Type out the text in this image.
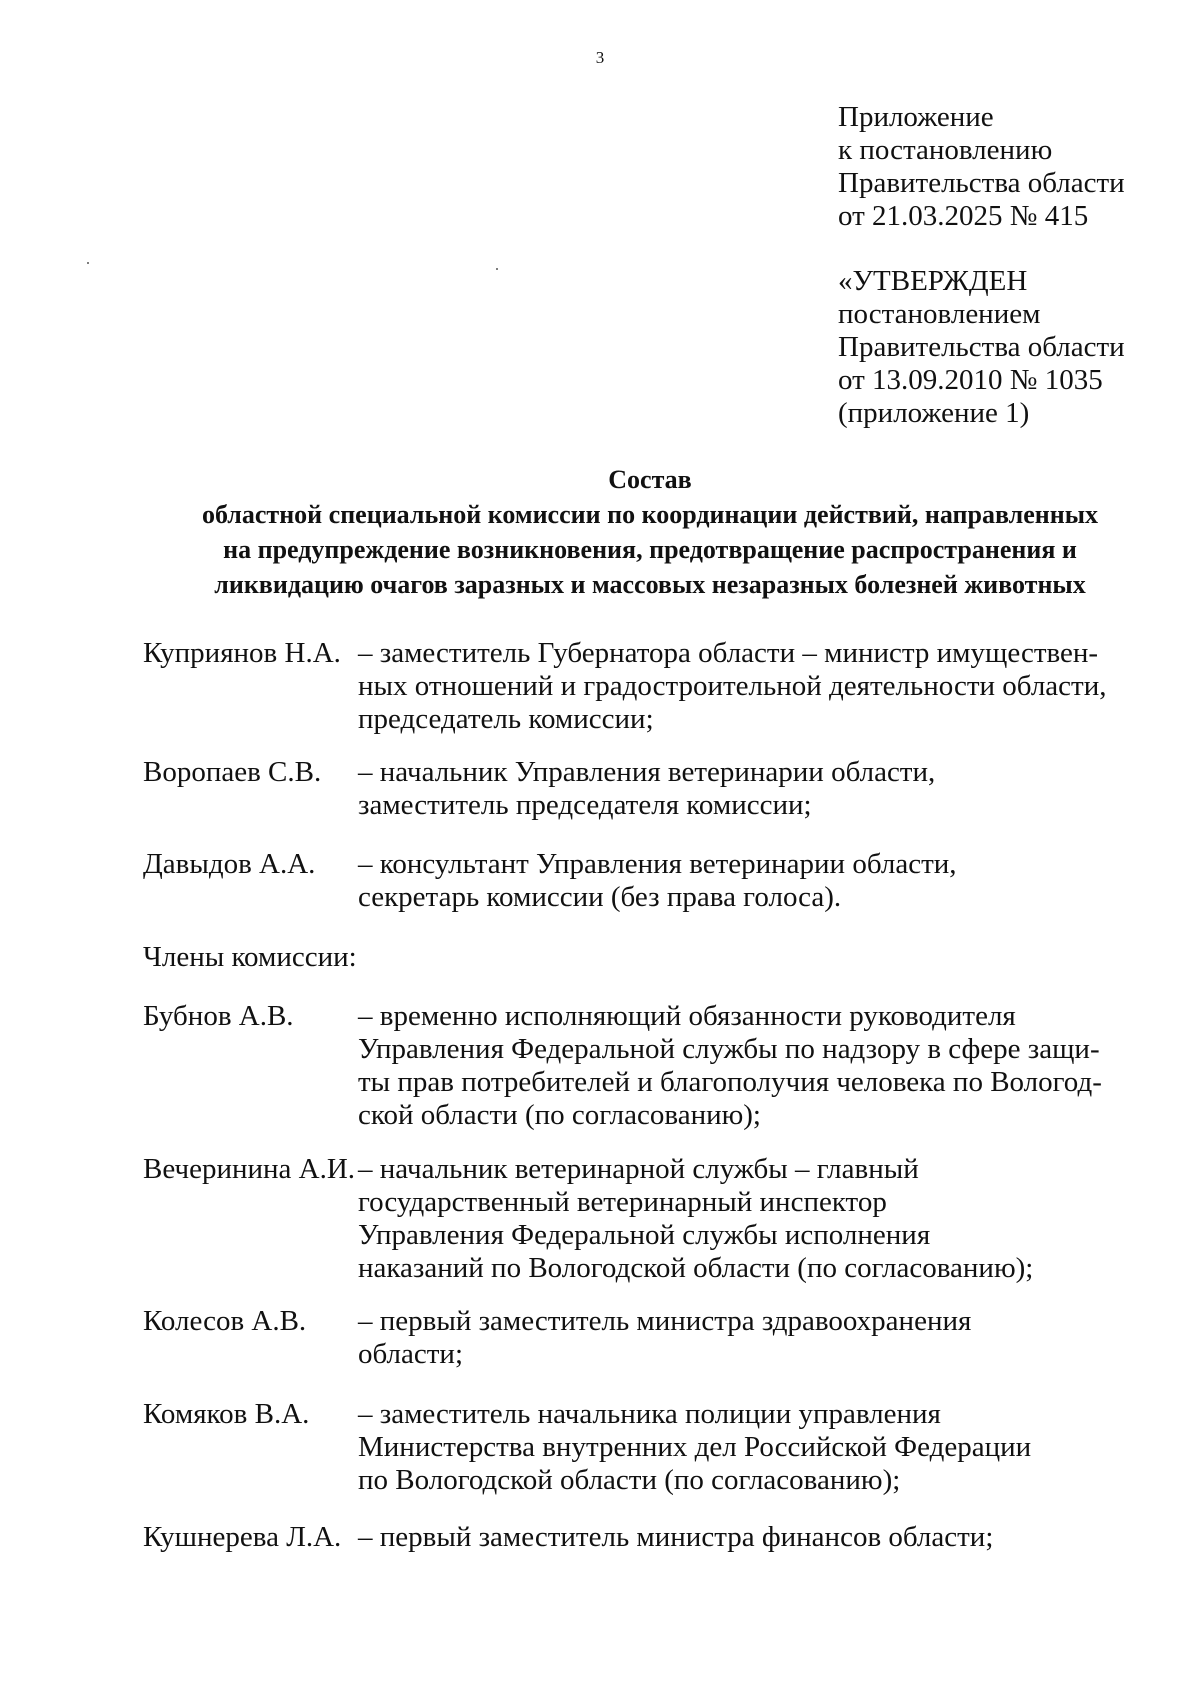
3
Приложение
к постановлению
Правительства области
от 21.03.2025 № 415
«УТВЕРЖДЕН
постановлением
Правительства области
от 13.09.2010 № 1035
(приложение 1)
Состав
областной специальной комиссии по координации действий, направленных
на предупреждение возникновения, предотвращение распространения и
ликвидацию очагов заразных и массовых незаразных болезней животных
Куприянов Н.А. – заместитель Губернатора области – министр имуществен-
ных отношений и градостроительной деятельности области,
председатель комиссии;
Воропаев С.В. – начальник Управления ветеринарии области,
заместитель председателя комиссии;
Давыдов А.А. – консультант Управления ветеринарии области,
секретарь комиссии (без права голоса).
Члены комиссии:
Бубнов А.В. – временно исполняющий обязанности руководителя
Управления Федеральной службы по надзору в сфере защи-
ты прав потребителей и благополучия человека по Вологод-
ской области (по согласованию);
Вечеринина А.И. – начальник ветеринарной службы – главный
государственный ветеринарный инспектор
Управления Федеральной службы исполнения
наказаний по Вологодской области (по согласованию);
Колесов А.В. – первый заместитель министра здравоохранения
области;
Комяков В.А. – заместитель начальника полиции управления
Министерства внутренних дел Российской Федерации
по Вологодской области (по согласованию);
Кушнерева Л.А. – первый заместитель министра финансов области;
